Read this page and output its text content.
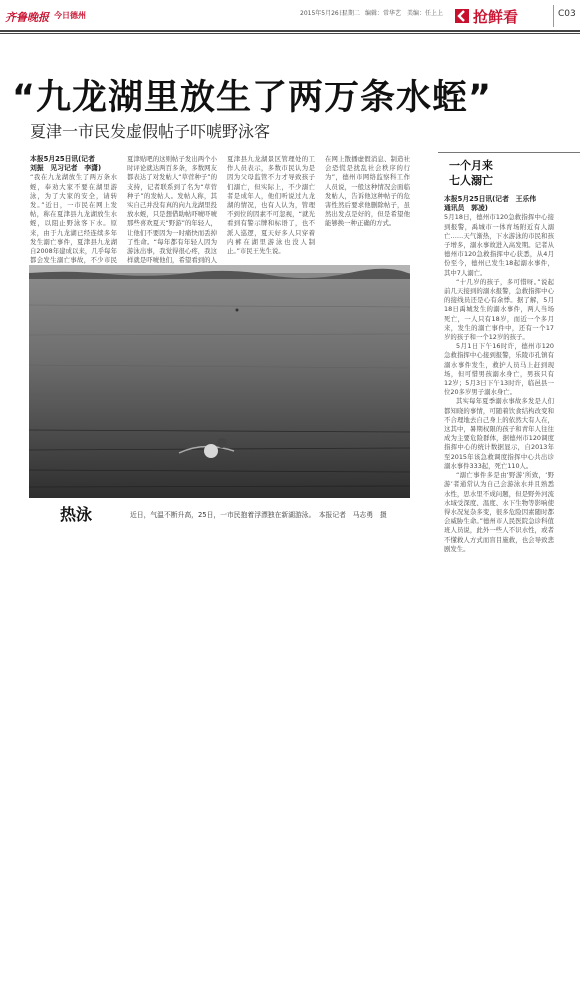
齐鲁晚报 今日德州	2015年5月26日
星期二 编辑：常华艺 美编：任上上 抢鲜看	C03
“九龙湖里放生了两万条水蛭”
夏津一市民发虚假帖子吓唬野泳客
本报5月25日讯(记者
刘振　见习记者　李潇)
“我在九龙湖放生了两万条水蛭，奉劝大家不要在湖里游泳，为了大家的安全，请转发。”近日，一市民在网上发帖，称在夏津县九龙湖放生水蛭，以阻止野泳客下水。原来，由于九龙湖已经连续多年发生溺亡事件，夏津县九龙湖自2008年建成以来，几乎每年都会发生溺亡事故，不少市民
夏津贴吧的这则帖子发出两个小时评论就达两百多条，多数网友都表达了对发帖人“草菅种子”的支持，记者联系到了名为“草菅种子”的发帖人。发帖人称，其实自己并没有真的向九龙湖里投放水蛭，只是想借助帖吓唬吓唬那些喜欢夏天“野游”的年轻人，让他们不要因为一时痛快而丢掉了性命。“每年都有年轻人因为游泳出事，我觉得很心疼，我这样就是吓唬他们，希望看到的人
夏津县九龙湖景区管理处的工作人员表示，多数市民认为是因为父母监管不力才导致孩子们溺亡，但实际上，不少溺亡者是成年人，他们听说过九龙湖的情况，也有人认为，管理不到位的因素不可忽视，“就光看到有警示牌和标语了，也不派人巡逻，夏天好多人只穿着内裤在湖里游泳也没人制止。”市民王先生说。
在网上散播虚假消息、制造社会恐慌是扰乱社会秩序的行为”，德州市网络监察科工作人员说，一般这种情况会面临发帖人，告诉他这种帖子的危害性然后要求他删除帖子，虽然出发点是好的，但是希望他能够换一种正确的方式。
热泳	近日，气温不断升高，25日，一市民抱着浮漂独在新湖游泳。　本报记者　马志勇　摄
一个月来
七人溺亡
本报5月25日讯(记者　王乐伟
通讯员　郭凌)
5月18日，德州市120急救指挥中心接到报警，禹城市一体育场附近有人溺亡……天气渐热，下水游泳的市民和孩子增多，溺水事故进入高发期。记者从德州市120急救指挥中心获悉，从4月份至今，德州已发生18起溺水事件，其中7人溺亡。
“十几岁的孩子，多可惜呀。”说起前几天接到的溺水报警，急救指挥中心的接线员还是心有余悸。据了解，5月18日禹城发生的溺水事件，两人当场死亡，一人只有18岁，而近一个多月来，发生的溺亡事件中，还有一个17岁的孩子和一个12岁的孩子。
5月1日下午16时许，德州市120急救指挥中心接到报警，乐陵市孔镇有溺水事件发生，救护人员马上赶到现场，但可惜男孩溺水身亡，男孩只有12岁；5月3日下午13时许，临邑县一位20多岁男子溺水身亡。
其实每年夏季溺水事故多发是人们都知晓的事情，可随着饮食结构改变和不合理地去自己身上的依然大有人在，这其中，暑期权限的孩子和青年人往往成为主要危险群体，据德州市120调度指挥中心的统计数据显示，自2013年至2015年该急救调度指挥中心共出诊溺水事件333起，死亡110人。
“溺亡事件多是由‘野游’所致，‘野游’者通常认为自己会游泳水并且熟悉水性，思水里不成问题，但是野外河流水域受深度、温度、水下生物等影响使得水况复杂多变，很多危险因素随时都会威胁生命。”德州市人民医院急诊科值班人员说，此外一些人不识水性，或者不懂救人方式而盲目施救，也会导致悲剧发生。
